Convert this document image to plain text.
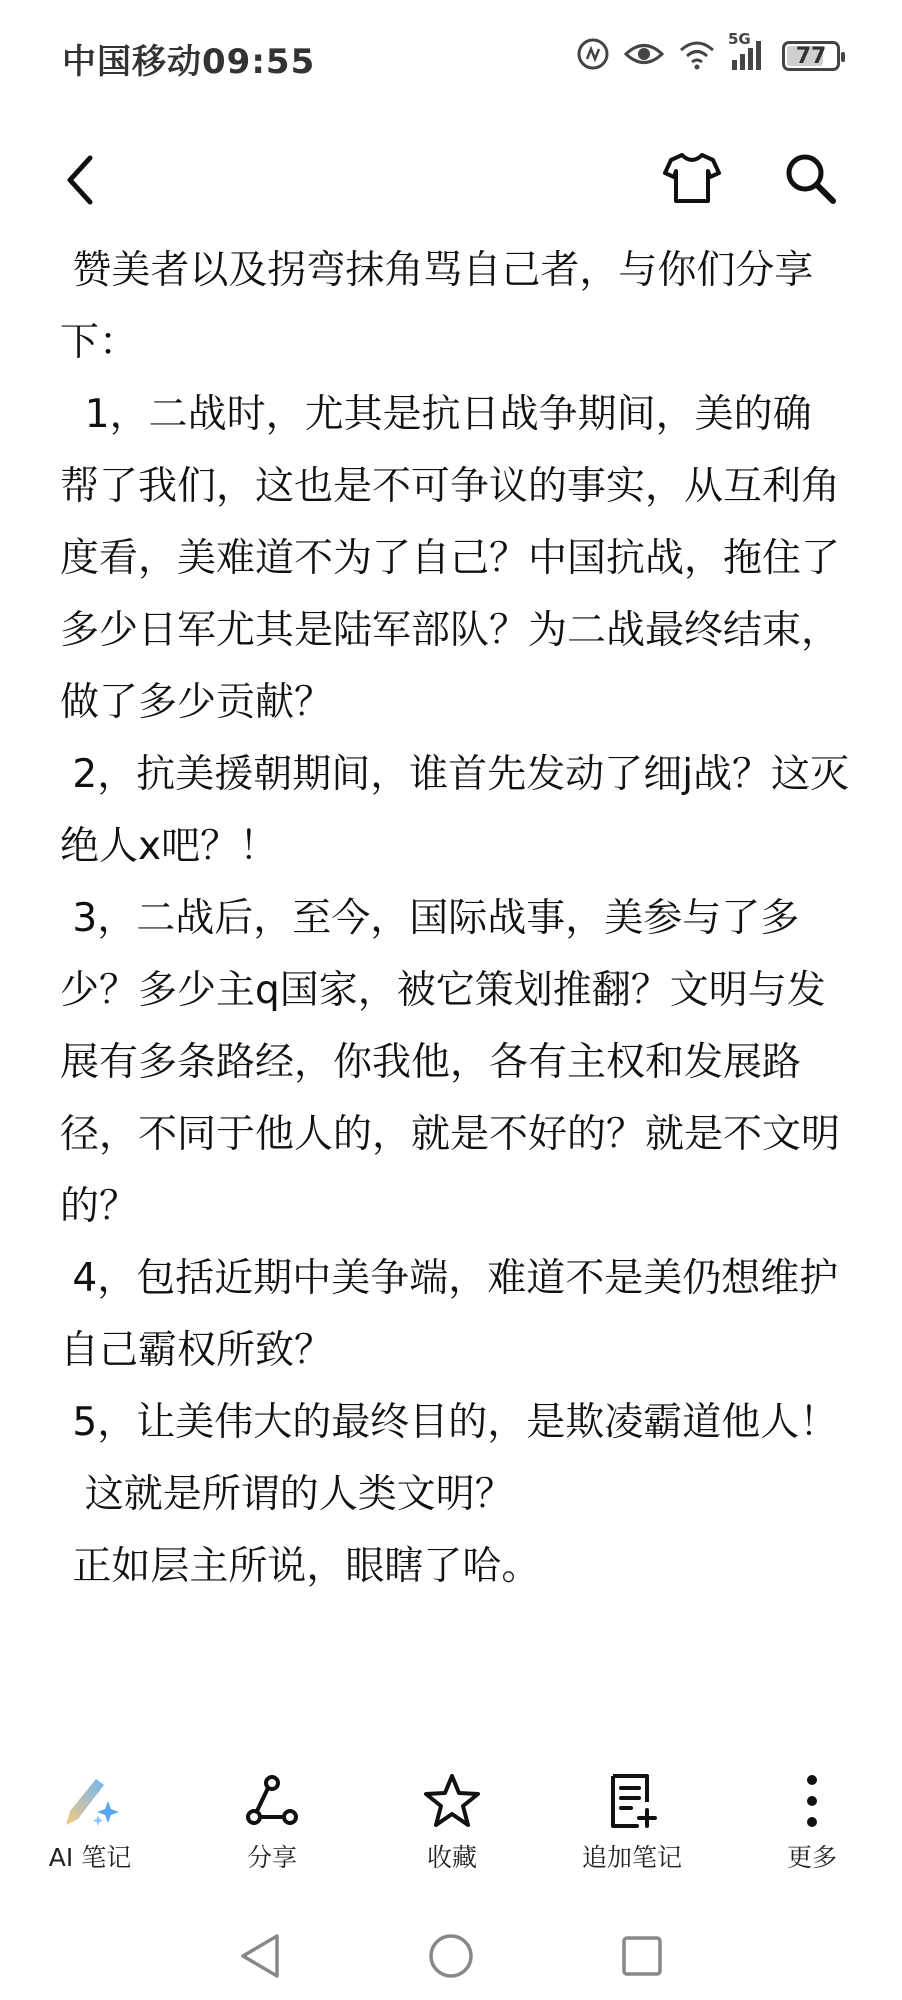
中国移动09:55
5G
77

赞美者以及拐弯抹角骂自己者，与你们分享下：

1，二战时，尤其是抗日战争期间，美的确帮了我们，这也是不可争议的事实，从互利角度看，美难道不为了自己？中国抗战，拖住了多少日军尤其是陆军部队？为二战最终结束，做了多少贡献？

2，抗美援朝期间，谁首先发动了细j战？这灭绝人x吧？！

3，二战后，至今，国际战事，美参与了多少？多少主q国家，被它策划推翻？文明与发展有多条路经，你我他，各有主权和发展路径，不同于他人的，就是不好的？就是不文明的？

4，包括近期中美争端，难道不是美仍想维护自己霸权所致？

5，让美伟大的最终目的，是欺凌霸道他人！

这就是所谓的人类文明？

正如层主所说，眼瞎了哈。

AI 笔记	分享	收藏	追加笔记	更多
